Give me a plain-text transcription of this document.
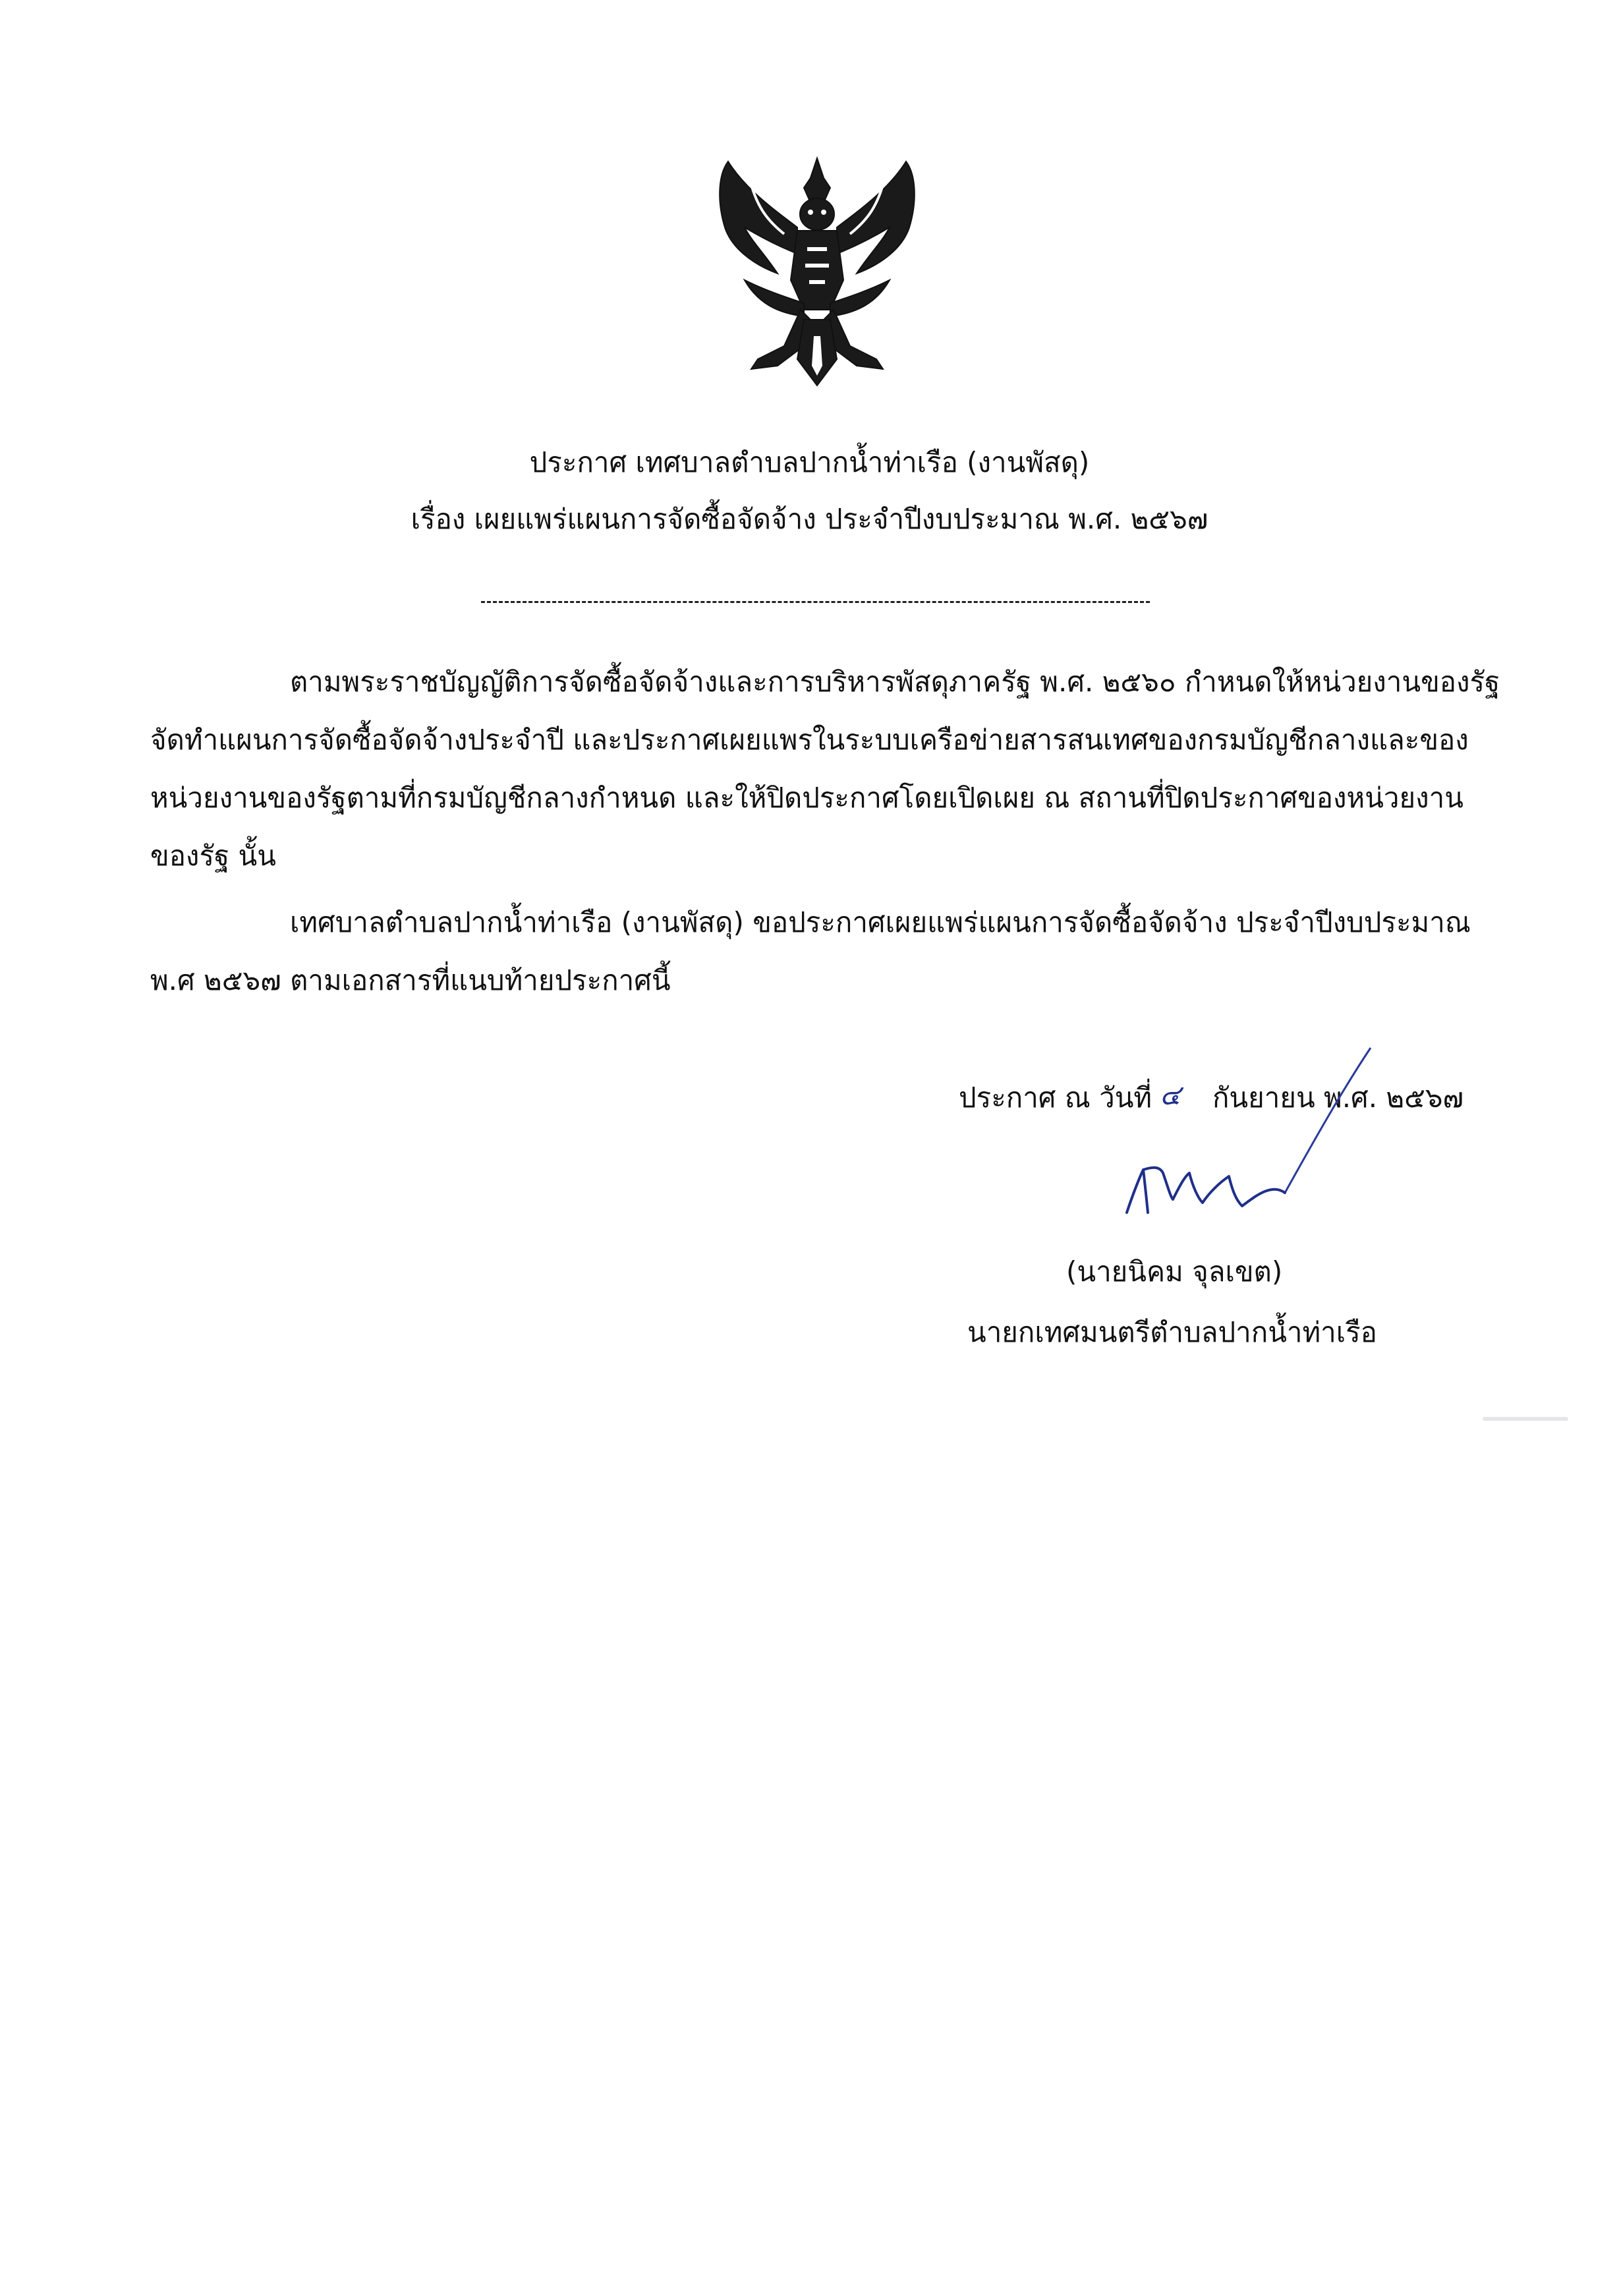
ประกาศ เทศบาลตำบลปากน้ำท่าเรือ (งานพัสดุ)
เรื่อง เผยแพร่แผนการจัดซื้อจัดจ้าง ประจำปีงบประมาณ พ.ศ. ๒๕๖๗
ตามพระราชบัญญัติการจัดซื้อจัดจ้างและการบริหารพัสดุภาครัฐ พ.ศ. ๒๕๖๐ กำหนดให้หน่วยงานของรัฐ
จัดทำแผนการจัดซื้อจัดจ้างประจำปี และประกาศเผยแพรในระบบเครือข่ายสารสนเทศของกรมบัญชีกลางและของ
หน่วยงานของรัฐตามที่กรมบัญชีกลางกำหนด และให้ปิดประกาศโดยเปิดเผย ณ สถานที่ปิดประกาศของหน่วยงาน
ของรัฐ นั้น
เทศบาลตำบลปากน้ำท่าเรือ (งานพัสดุ) ขอประกาศเผยแพร่แผนการจัดซื้อจัดจ้าง ประจำปีงบประมาณ
พ.ศ ๒๕๖๗ ตามเอกสารที่แนบท้ายประกาศนี้
ประกาศ ณ วันที่ ๔ กันยายน พ.ศ. ๒๕๖๗
(นายนิคม จุลเขต)
นายกเทศมนตรีตำบลปากน้ำท่าเรือ
